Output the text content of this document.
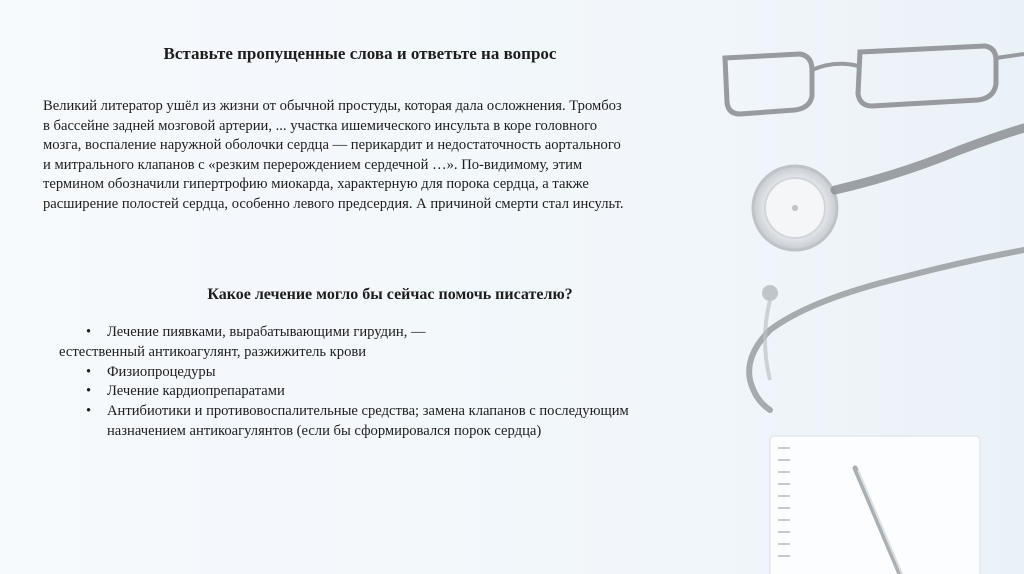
Вставьте пропущенные слова и ответьте на вопрос

Великий литератор ушёл из жизни от обычной простуды, которая дала осложнения. Тромбоз
в бассейне задней мозговой артерии, ... участка ишемического инсульта в коре головного
мозга, воспаление наружной оболочки сердца — перикардит и недостаточность аортального
и митрального клапанов с «резким перерождением сердечной …». По-видимому, этим
термином обозначили гипертрофию миокарда, характерную для порока сердца, а также
расширение полостей сердца, особенно левого предсердия. А причиной смерти стал инсульт.

Какое лечение могло бы сейчас помочь писателю?
• Лечение пиявками, вырабатывающими гирудин, —
естественный антикоагулянт, разжижитель крови
• Физиопроцедуры
• Лечение кардиопрепаратами
• Антибиотики и противовоспалительные средства; замена клапанов с последующим
назначением антикоагулянтов (если бы сформировался порок сердца)
